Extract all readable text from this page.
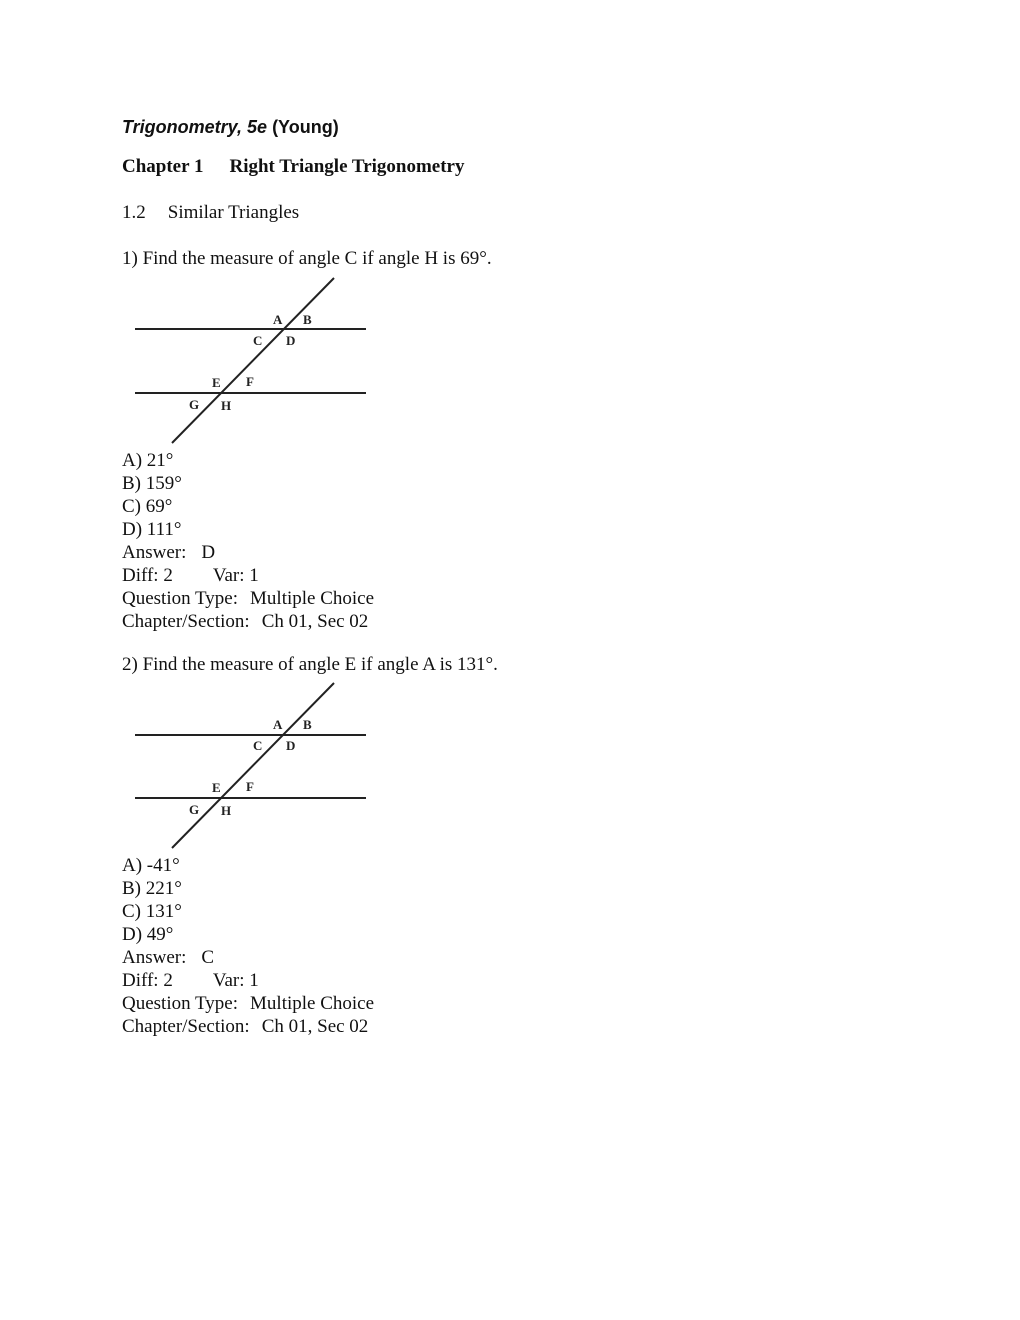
Trigonometry, 5e (Young)
Chapter 1 Right Triangle Trigonometry
1.2 Similar Triangles
1) Find the measure of angle C if angle H is 69°.
A B
C D
E F
G H
A) 21°
B) 159°
C) 69°
D) 111°
Answer: D
Diff: 2 Var: 1
Question Type: Multiple Choice
Chapter/Section: Ch 01, Sec 02
2) Find the measure of angle E if angle A is 131°.
A B
C D
E F
G H
A) -41°
B) 221°
C) 131°
D) 49°
Answer: C
Diff: 2 Var: 1
Question Type: Multiple Choice
Chapter/Section: Ch 01, Sec 02
